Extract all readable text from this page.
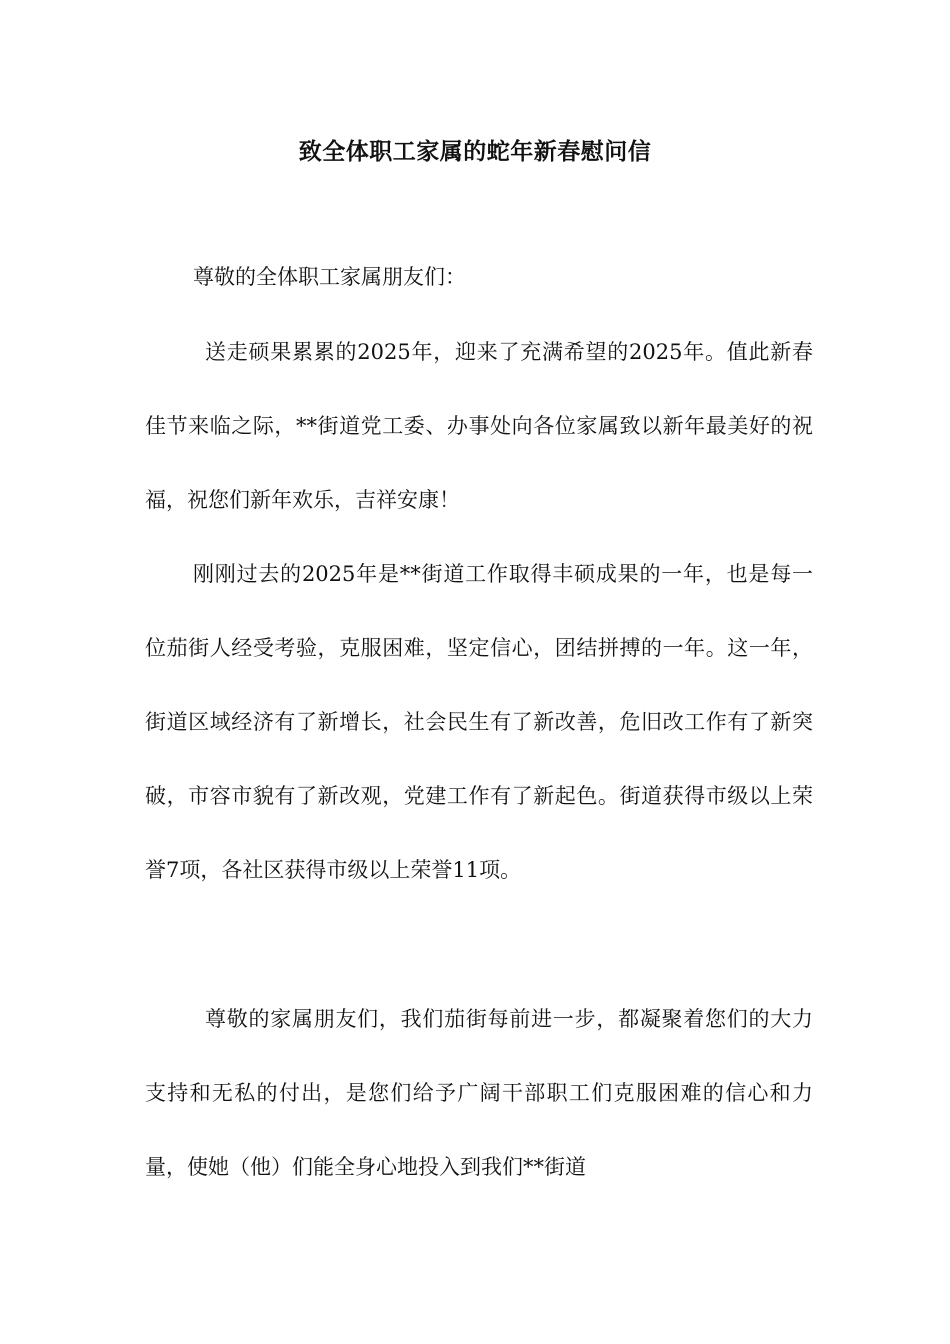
致全体职工家属的蛇年新春慰问信

尊敬的全体职工家属朋友们：

送走硕果累累的2025年，迎来了充满希望的2025年。值此新春佳节来临之际，**街道党工委、办事处向各位家属致以新年最美好的祝福，祝您们新年欢乐，吉祥安康！

刚刚过去的2025年是**街道工作取得丰硕成果的一年，也是每一位茄街人经受考验，克服困难，坚定信心，团结拼搏的一年。这一年，街道区域经济有了新增长，社会民生有了新改善，危旧改工作有了新突破，市容市貌有了新改观，党建工作有了新起色。街道获得市级以上荣誉7项，各社区获得市级以上荣誉11项。

尊敬的家属朋友们，我们茄街每前进一步，都凝聚着您们的大力支持和无私的付出，是您们给予广阔干部职工们克服困难的信心和力量，使她（他）们能全身心地投入到我们**街道
